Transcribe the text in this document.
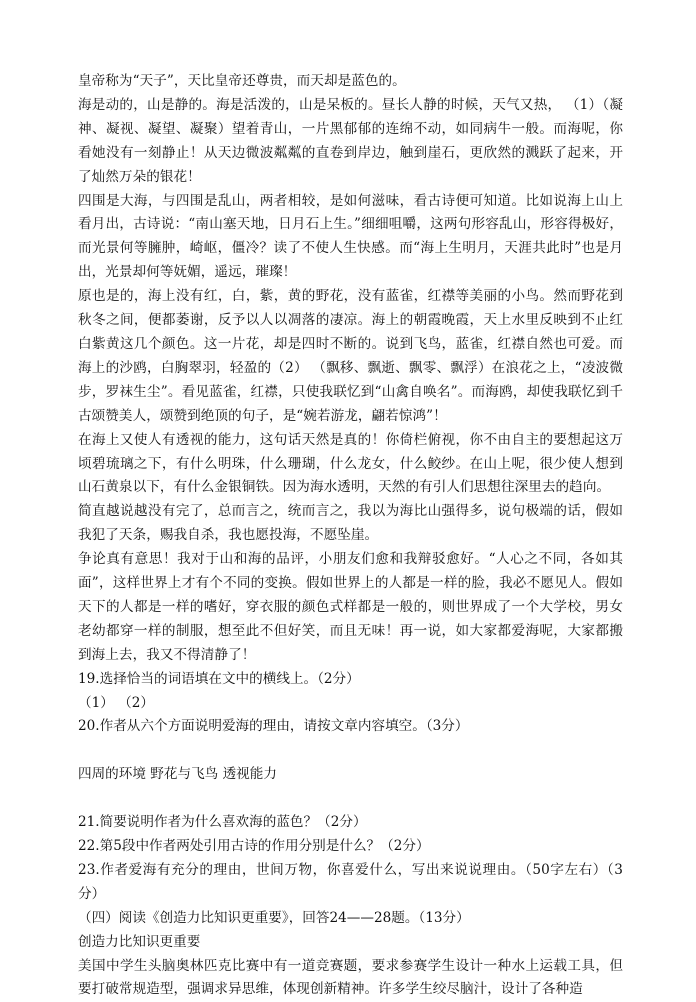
皇帝称为“天子”，天比皇帝还尊贵，而天却是蓝色的。

海是动的，山是静的。海是活泼的，山是呆板的。昼长人静的时候，天气又热， （1）（凝神、凝视、凝望、凝聚）望着青山，一片黑郁郁的连绵不动，如同病牛一般。而海呢，你看她没有一刻静止！从天边微波粼粼的直卷到岸边，触到崖石，更欣然的溅跃了起来，开了灿然万朵的银花！

四围是大海，与四围是乱山，两者相较，是如何滋味，看古诗便可知道。比如说海上山上看月出，古诗说：“南山塞天地，日月石上生。”细细咀嚼，这两句形容乱山，形容得极好，而光景何等臃肿，崎岖，僵冷？读了不使人生快感。而“海上生明月，天涯共此时”也是月出，光景却何等妩媚，遥远，璀璨！

原也是的，海上没有红，白，紫，黄的野花，没有蓝雀，红襟等美丽的小鸟。然而野花到秋冬之间，便都萎谢，反予以人以凋落的凄凉。海上的朝霞晚霞，天上水里反映到不止红白紫黄这几个颜色。这一片花，却是四时不断的。说到飞鸟，蓝雀，红襟自然也可爱。而海上的沙鸥，白胸翠羽，轻盈的（2） （飘移、飘逝、飘零、飘浮）在浪花之上，“凌波微步，罗袜生尘”。看见蓝雀，红襟，只使我联忆到“山禽自唤名”。而海鸥，却使我联忆到千古颂赞美人，颂赞到绝顶的句子，是“婉若游龙，翩若惊鸿”！

在海上又使人有透视的能力，这句话天然是真的！你倚栏俯视，你不由自主的要想起这万顷碧琉璃之下，有什么明珠，什么珊瑚，什么龙女，什么鲛纱。在山上呢，很少使人想到山石黄泉以下，有什么金银铜铁。因为海水透明，天然的有引人们思想往深里去的趋向。

简直越说越没有完了，总而言之，统而言之，我以为海比山强得多，说句极端的话，假如我犯了天条，赐我自杀，我也愿投海，不愿坠崖。

争论真有意思！我对于山和海的品评，小朋友们愈和我辩驳愈好。“人心之不同，各如其面”，这样世界上才有个不同的变换。假如世界上的人都是一样的脸，我必不愿见人。假如天下的人都是一样的嗜好，穿衣服的颜色式样都是一般的，则世界成了一个大学校，男女老幼都穿一样的制服，想至此不但好笑，而且无味！再一说，如大家都爱海呢，大家都搬到海上去，我又不得清静了！

19.选择恰当的词语填在文中的横线上。（2分）

（1） （2）

20.作者从六个方面说明爱海的理由，请按文章内容填空。（3分）

四周的环境 野花与飞鸟 透视能力

21.简要说明作者为什么喜欢海的蓝色？（2分）

22.第5段中作者两处引用古诗的作用分别是什么？（2分）

23.作者爱海有充分的理由，世间万物，你喜爱什么，写出来说说理由。（50字左右）（3分）

（四）阅读《创造力比知识更重要》，回答24——28题。（13分）

创造力比知识更重要

美国中学生头脑奥林匹克比赛中有一道竞赛题，要求参赛学生设计一种水上运载工具，但要打破常规造型，强调求异思维，体现创新精神。许多学生绞尽脑汁，设计了各种造
